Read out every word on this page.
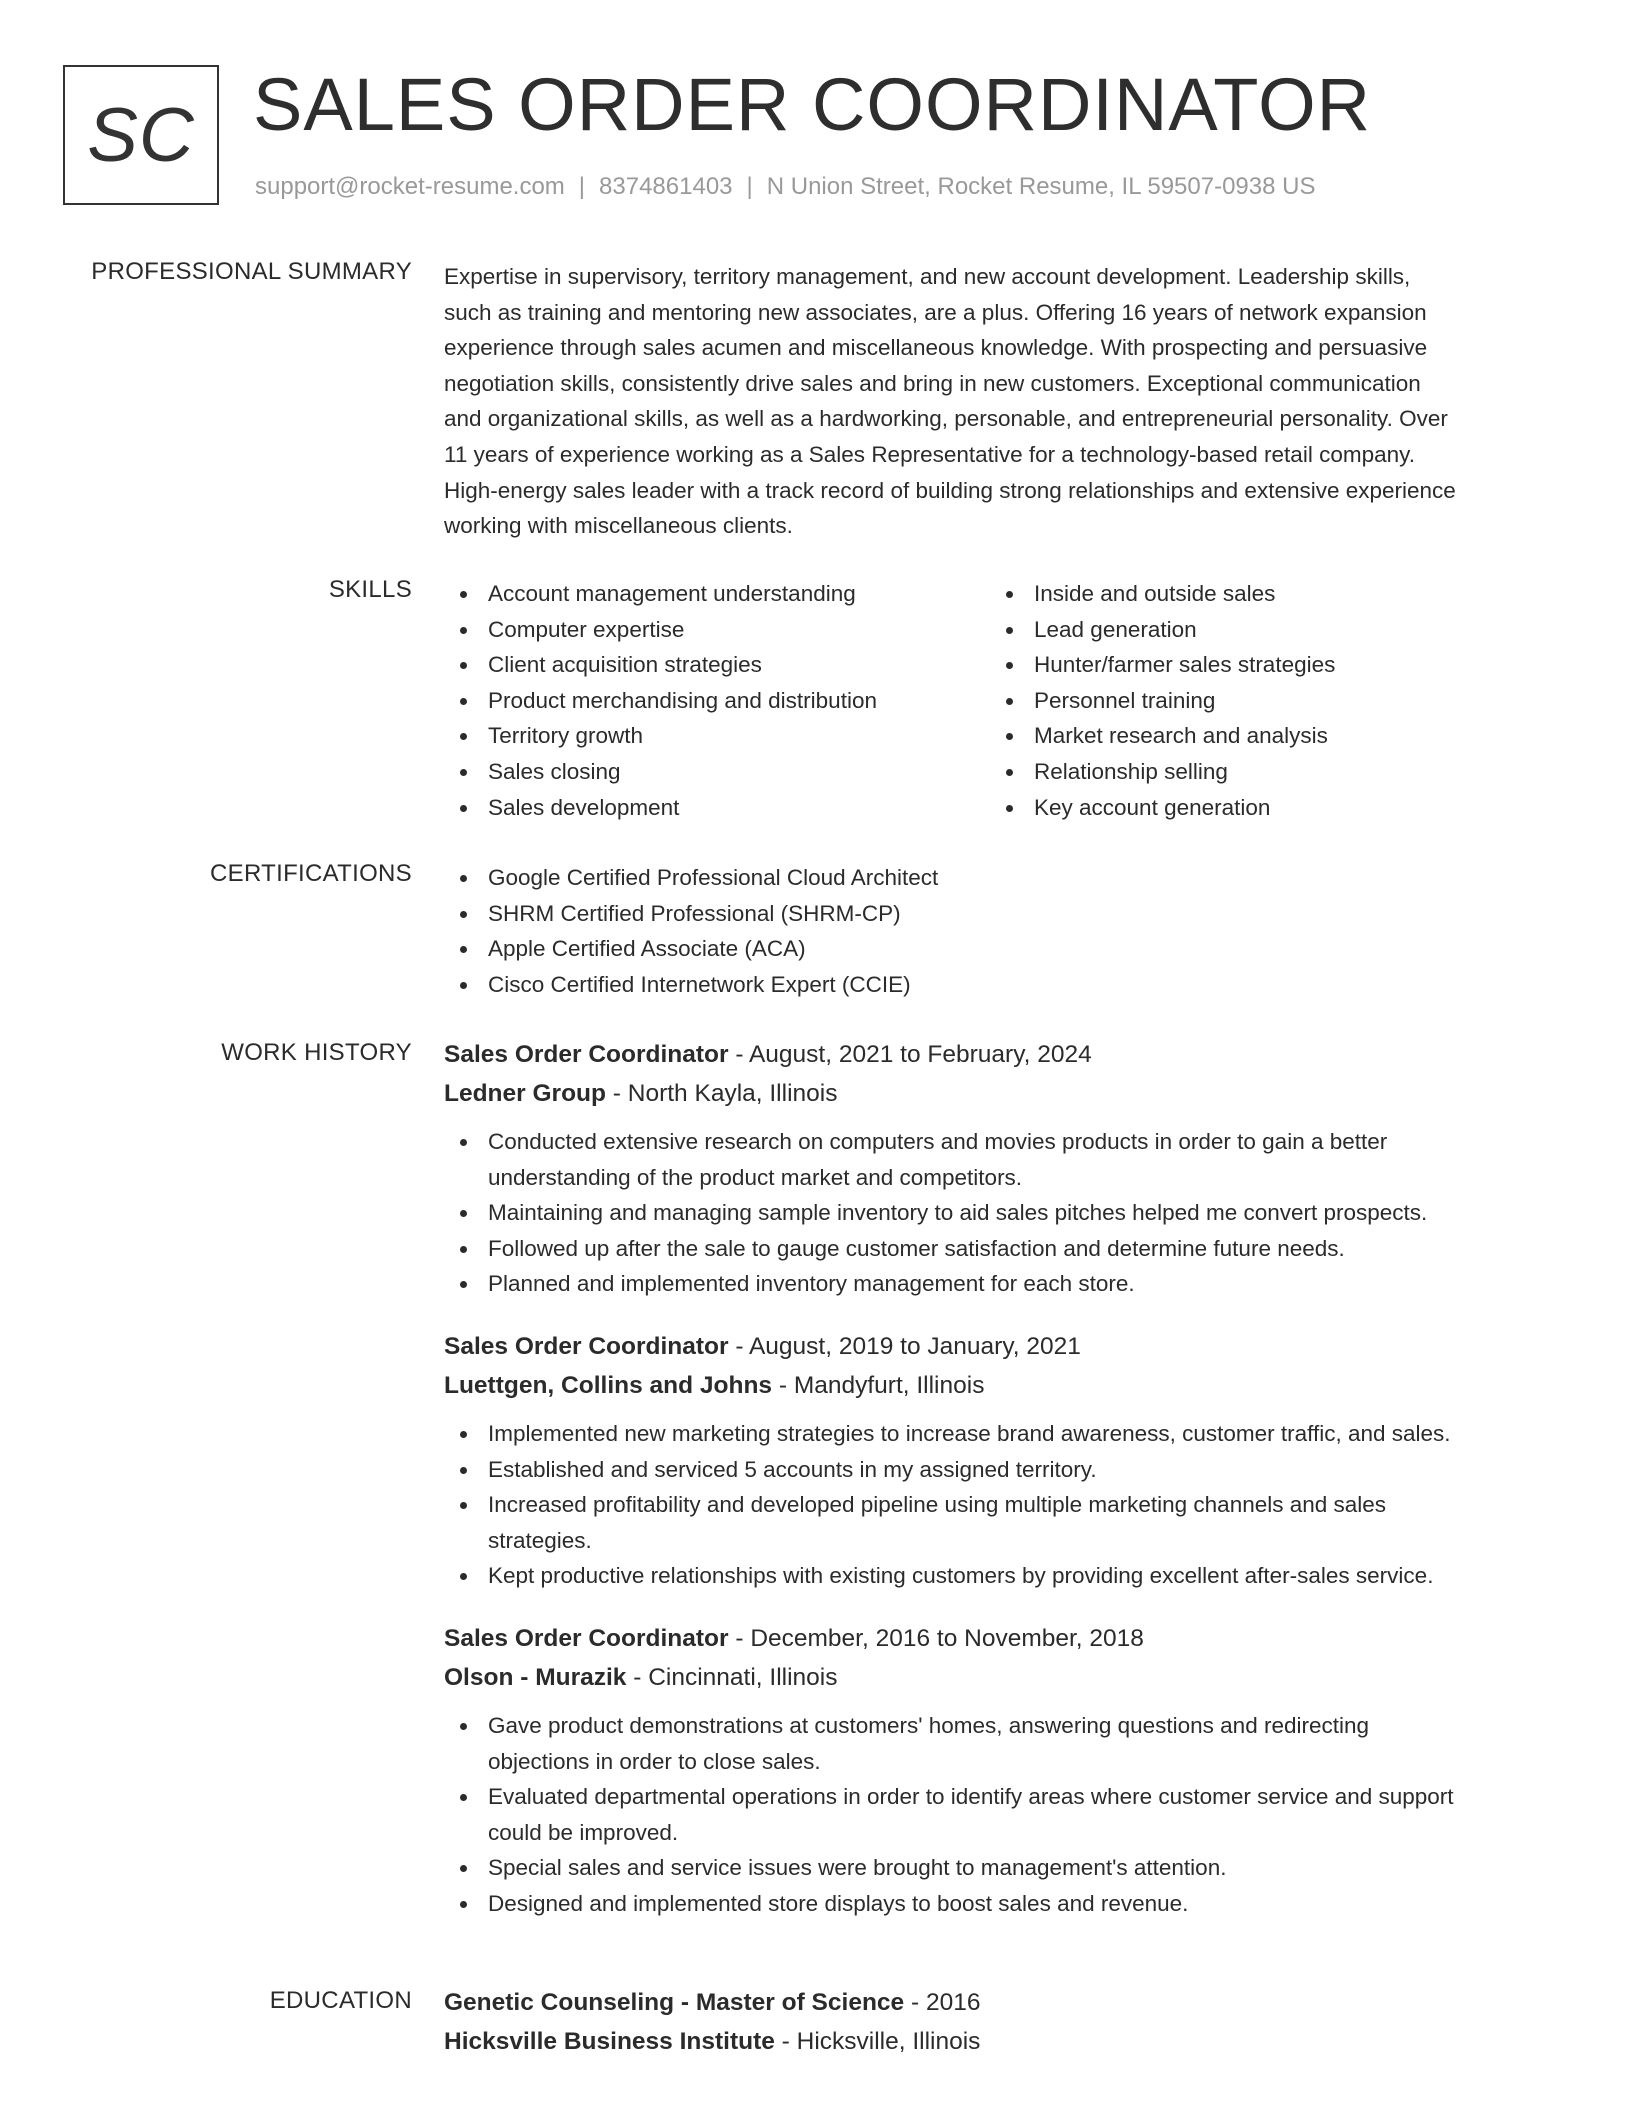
SC SALES ORDER COORDINATOR
support@rocket-resume.com | 8374861403 | N Union Street, Rocket Resume, IL 59507-0938 US
PROFESSIONAL SUMMARY Expertise in supervisory, territory management, and new account development. Leadership skills,
such as training and mentoring new associates, are a plus. Offering 16 years of network expansion
experience through sales acumen and miscellaneous knowledge. With prospecting and persuasive
negotiation skills, consistently drive sales and bring in new customers. Exceptional communication
and organizational skills, as well as a hardworking, personable, and entrepreneurial personality. Over
11 years of experience working as a Sales Representative for a technology-based retail company.
High-energy sales leader with a track record of building strong relationships and extensive experience
working with miscellaneous clients.
SKILLS	Account management understanding
Computer expertise
Client acquisition strategies
Product merchandising and distribution
Territory growth
Sales closing
Sales development
Inside and outside sales
Lead generation
Hunter/farmer sales strategies
Personnel training
Market research and analysis
Relationship selling
Key account generation
CERTIFICATIONS	Google Certified Professional Cloud Architect
SHRM Certified Professional (SHRM-CP)
Apple Certified Associate (ACA)
Cisco Certified Internetwork Expert (CCIE)
WORK HISTORY Sales Order Coordinator - August, 2021 to February, 2024
Ledner Group - North Kayla, Illinois
Conducted extensive research on computers and movies products in order to gain a better
understanding of the product market and competitors.
Maintaining and managing sample inventory to aid sales pitches helped me convert prospects.
Followed up after the sale to gauge customer satisfaction and determine future needs.
Planned and implemented inventory management for each store.
Sales Order Coordinator - August, 2019 to January, 2021
Luettgen, Collins and Johns - Mandyfurt, Illinois
Implemented new marketing strategies to increase brand awareness, customer traffic, and sales.
Established and serviced 5 accounts in my assigned territory.
Increased profitability and developed pipeline using multiple marketing channels and sales
strategies.
Kept productive relationships with existing customers by providing excellent after-sales service.
Sales Order Coordinator - December, 2016 to November, 2018
Olson - Murazik - Cincinnati, Illinois
Gave product demonstrations at customers' homes, answering questions and redirecting
objections in order to close sales.
Evaluated departmental operations in order to identify areas where customer service and support
could be improved.
Special sales and service issues were brought to management's attention.
Designed and implemented store displays to boost sales and revenue.
EDUCATION Genetic Counseling - Master of Science - 2016
Hicksville Business Institute - Hicksville, Illinois
